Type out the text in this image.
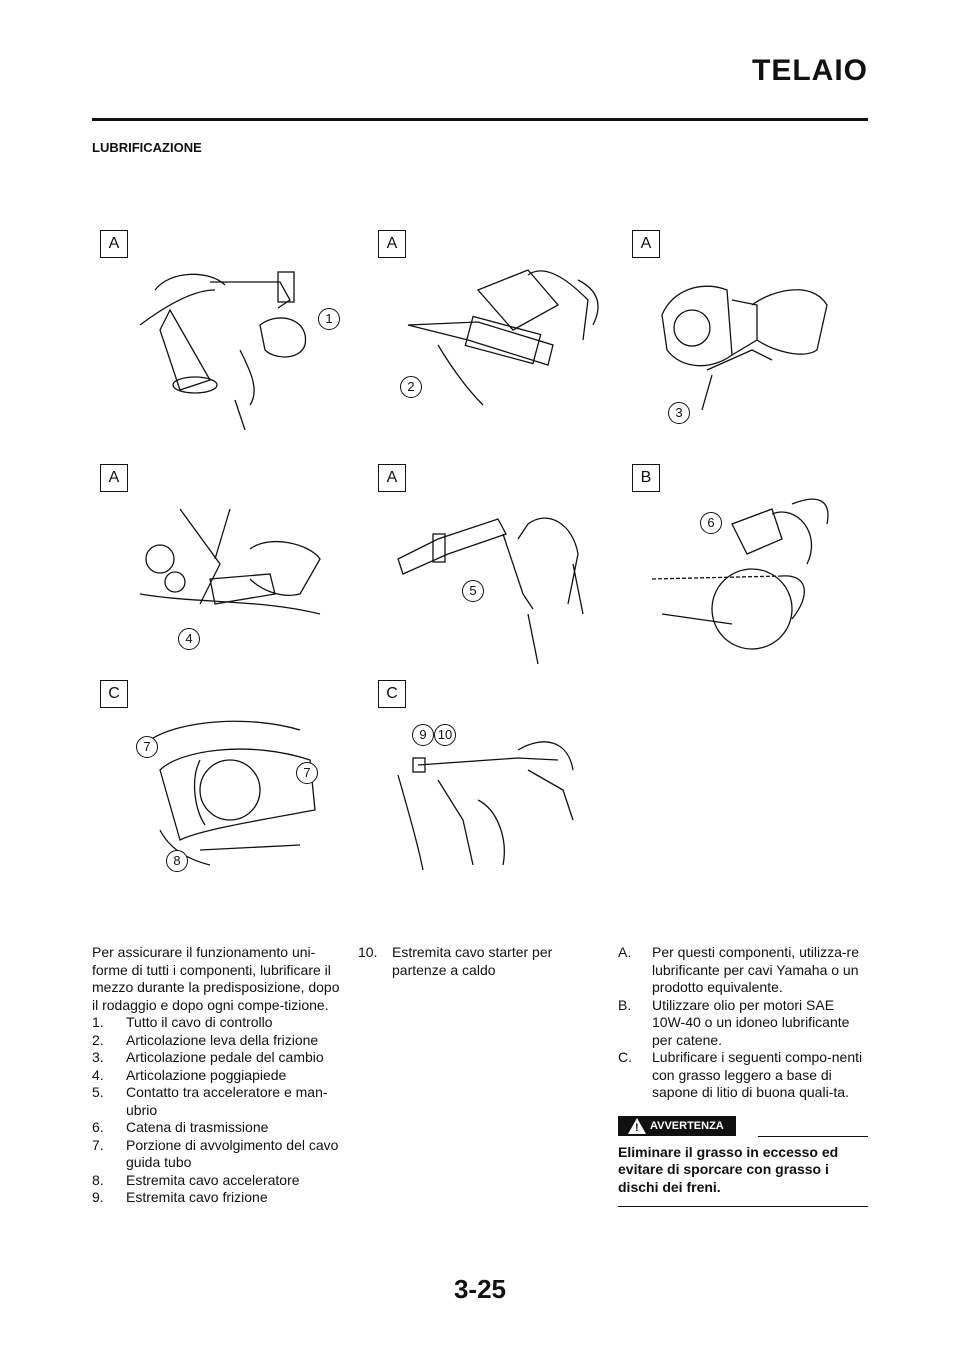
TELAIO
LUBRIFICAZIONE
A
1
A
2
A
3
A
4
A
5
B
6
C
7
7
8
C
9 10
Per assicurare il funzionamento uni-forme di tutti i componenti, lubrificare il mezzo durante la predisposizione, dopo il rodaggio e dopo ogni compe-tizione.
1. Tutto il cavo di controllo
2. Articolazione leva della frizione
3. Articolazione pedale del cambio
4. Articolazione poggiapiede
5. Contatto tra acceleratore e man-ubrio
6. Catena di trasmissione
7. Porzione di avvolgimento del cavo guida tubo
8. Estremita cavo acceleratore
9. Estremita cavo frizione
10. Estremita cavo starter per partenze a caldo
A. Per questi componenti, utilizza-re lubrificante per cavi Yamaha o un prodotto equivalente.
B. Utilizzare olio per motori SAE 10W-40 o un idoneo lubrificante per catene.
C. Lubrificare i seguenti compo-nenti con grasso leggero a base di sapone di litio di buona quali-ta.
AVVERTENZA
!
Eliminare il grasso in eccesso ed evitare di sporcare con grasso i dischi dei freni.
3-25
